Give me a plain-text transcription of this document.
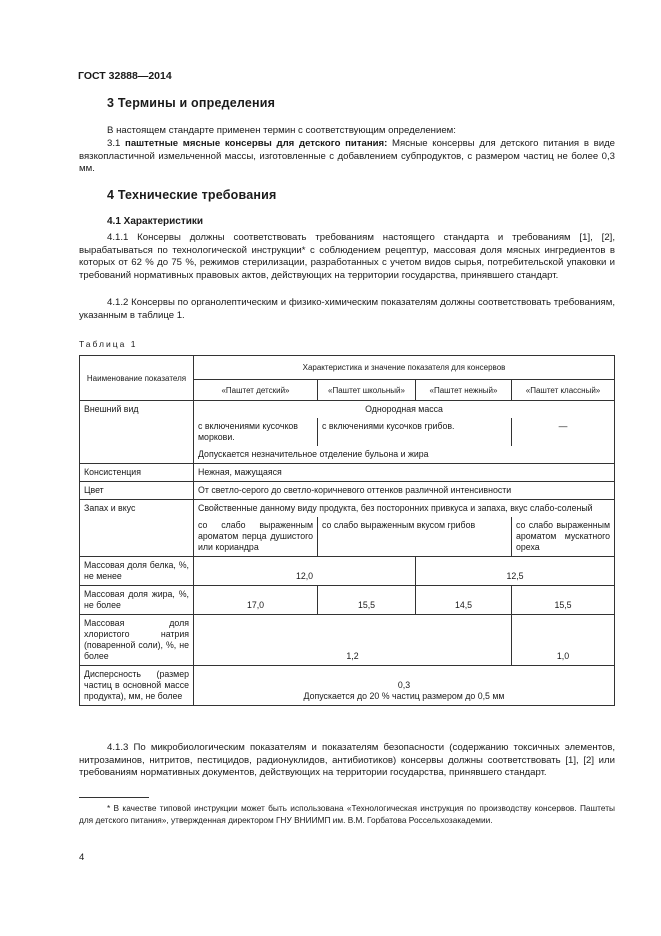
ГОСТ 32888—2014
3 Термины и определения
В настоящем стандарте применен термин с соответствующим определением:
3.1 паштетные мясные консервы для детского питания: Мясные консервы для детского питания в виде вязкопластичной измельченной массы, изготовленные с добавлением субпродуктов, с размером частиц не более 0,3 мм.
4 Технические требования
4.1 Характеристики
4.1.1 Консервы должны соответствовать требованиям настоящего стандарта и требованиям [1], [2], вырабатываться по технологической инструкции* с соблюдением рецептур, массовая доля мясных ингредиентов в которых от 62 % до 75 %, режимов стерилизации, разработанных с учетом видов сырья, потребительской упаковки и требований нормативных правовых актов, действующих на территории государства, принявшего стандарт.
4.1.2 Консервы по органолептическим и физико-химическим показателям должны соответствовать требованиям, указанным в таблице 1.
Таблица 1
Наименование показателя	Характеристика и значение показателя для консервов			
	«Паштет детский»	«Паштет школьный»	«Паштет нежный»	«Паштет классный»
Внешний вид	Однородная масса			
	с включениями кусочков моркови.	с включениями кусочков грибов.		—
	Допускается незначительное отделение бульона и жира			
Консистенция	Нежная, мажущаяся			
Цвет	От светло-серого до светло-коричневого оттенков различной интенсивности			
Запах и вкус	Свойственные данному виду продукта, без посторонних привкуса и запаха, вкус слабо-соленый			
	со слабо выраженным ароматом перца душистого или кориандра	со слабо выраженным вкусом грибов		со слабо выраженным ароматом мускатного ореха
Массовая доля белка, %, не менее	12,0		12,5	
Массовая доля жира, %, не более	17,0	15,5	14,5	15,5
Массовая доля хлористого натрия (поваренной соли), %, не более	1,2			1,0
Дисперсность (размер частиц в основной массе продукта), мм, не более	0,3
Допускается до 20 % частиц размером до 0,5 мм			
4.1.3 По микробиологическим показателям и показателям безопасности (содержанию токсичных элементов, нитрозаминов, нитритов, пестицидов, радионуклидов, антибиотиков) консервы должны соответствовать [1], [2] или требованиям нормативных документов, действующих на территории государства, принявшего стандарт.
* В качестве типовой инструкции может быть использована «Технологическая инструкция по производству консервов. Паштеты для детского питания», утвержденная директором ГНУ ВНИИМП им. В.М. Горбатова Россельхозакадемии.
4
